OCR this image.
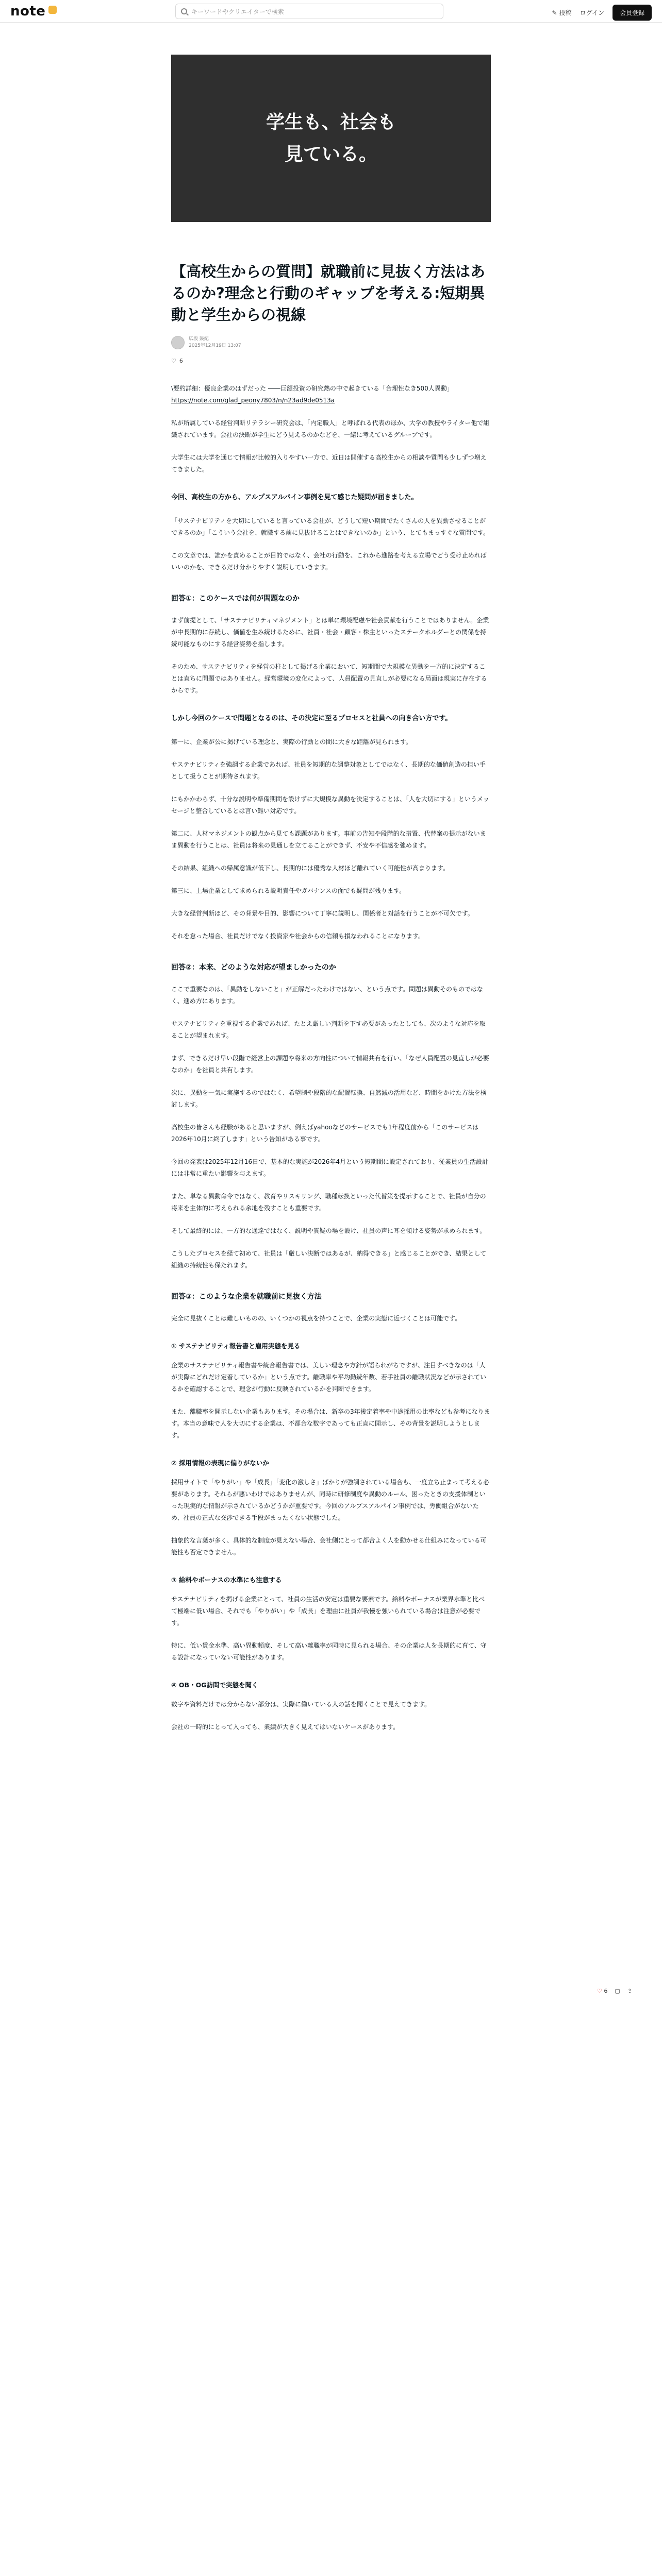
note	キーワードやクリエイターで検索	✎ 投稿 ログイン	会員登録
♡ 6 ▢ ⇪
学生も、社会も
見ている。
【高校生からの質問】就職前に見抜く方法はあるのか?理念と行動のギャップを考える:短期異動と学生からの視線
広坂 鼓紀
2025年12月19日 13:07
♡ 6

\要約詳細：優良企業のはずだった ――巨額投資の研究熱の中で起きている「合理性なき500人異動」
https://note.com/glad_peony7803/n/n23ad9de0513a

私が所属している経営判断リテラシー研究会は、「内定職人」と呼ばれる代表のほか、大学の教授やライター他で組織されています。会社の決断が学生にどう見えるのかなどを、一緒に考えているグループです。

大学生には大学を通じて情報が比較的入りやすい一方で、近日は開催する高校生からの相談や質問も少しずつ増えてきました。

今回、高校生の方から、アルプスアルパイン事例を見て感じた疑問が届きました。

「サステナビリティを大切にしていると言っている会社が、どうして短い期間でたくさんの人を異動させることができるのか」「こういう会社を、就職する前に見抜けることはできないのか」という、とてもまっすぐな質問です。

この文章では、誰かを責めることが目的ではなく、会社の行動を、これから進路を考える立場でどう受け止めればいいのかを、できるだけ分かりやすく説明していきます。

回答①：このケースでは何が問題なのか

まず前提として、「サステナビリティマネジメント」とは単に環境配慮や社会貢献を行うことではありません。企業が中長期的に存続し、価値を生み続けるために、社員・社会・顧客・株主といったステークホルダーとの関係を持続可能なものにする経営姿勢を指します。

そのため、サステナビリティを経営の柱として掲げる企業において、短期間で大規模な異動を一方的に決定することは直ちに問題ではありません。経営環境の変化によって、人員配置の見直しが必要になる局面は現実に存在するからです。

しかし今回のケースで問題となるのは、その決定に至るプロセスと社員への向き合い方です。

第一に、企業が公に掲げている理念と、実際の行動との間に大きな距離が見られます。

サステナビリティを強調する企業であれば、社員を短期的な調整対象としてではなく、長期的な価値創造の担い手として扱うことが期待されます。

にもかかわらず、十分な説明や準備期間を設けずに大規模な異動を決定することは、「人を大切にする」というメッセージと整合しているとは言い難い対応です。

第二に、人材マネジメントの観点から見ても課題があります。事前の告知や段階的な措置、代替案の提示がないまま異動を行うことは、社員は将来の見通しを立てることができず、不安や不信感を強めます。

その結果、組織への帰属意識が低下し、長期的には優秀な人材ほど離れていく可能性が高まります。

第三に、上場企業として求められる説明責任やガバナンスの面でも疑問が残ります。

大きな経営判断ほど、その背景や目的、影響について丁寧に説明し、関係者と対話を行うことが不可欠です。

それを怠った場合、社員だけでなく投資家や社会からの信頼も損なわれることになります。

回答②：本来、どのような対応が望ましかったのか

ここで重要なのは、「異動をしないこと」が正解だったわけではない、という点です。問題は異動そのものではなく、進め方にあります。

サステナビリティを重視する企業であれば、たとえ厳しい判断を下す必要があったとしても、次のような対応を取ることが望まれます。

まず、できるだけ早い段階で経営上の課題や将来の方向性について情報共有を行い、「なぜ人員配置の見直しが必要なのか」を社員と共有します。

次に、異動を一気に実施するのではなく、希望制や段階的な配置転換、自然減の活用など、時間をかけた方法を検討します。

高校生の皆さんも経験があると思いますが、例えばyahooなどのサービスでも1年程度前から「このサービスは2026年10月に終了します」という告知がある事です。

今回の発表は2025年12月16日で、基本的な実施が2026年4月という短期間に設定されており、従業員の生活設計には非常に重たい影響を与えます。

また、単なる異動命令ではなく、教育やリスキリング、職種転換といった代替策を提示することで、社員が自分の将来を主体的に考えられる余地を残すことも重要です。

そして最終的には、一方的な通達ではなく、説明や質疑の場を設け、社員の声に耳を傾ける姿勢が求められます。

こうしたプロセスを経て初めて、社員は「厳しい決断ではあるが、納得できる」と感じることができ、結果として組織の持続性も保たれます。

回答③：このような企業を就職前に見抜く方法

完全に見抜くことは難しいものの、いくつかの視点を持つことで、企業の実態に近づくことは可能です。

① サステナビリティ報告書と雇用実態を見る

企業のサステナビリティ報告書や統合報告書では、美しい理念や方針が語られがちですが、注目すべきなのは「人が実際にどれだけ定着しているか」という点です。離職率や平均勤続年数、若手社員の離職状況などが示されているかを確認することで、理念が行動に反映されているかを判断できます。

また、離職率を開示しない企業もあります。その場合は、新卒の3年後定着率や中途採用の比率なども参考になります。本当の意味で人を大切にする企業は、不都合な数字であっても正直に開示し、その背景を説明しようとします。

② 採用情報の表現に偏りがないか

採用サイトで「やりがい」や「成長」「変化の激しさ」ばかりが強調されている場合も、一度立ち止まって考える必要があります。それらが悪いわけではありませんが、同時に研修制度や異動のルール、困ったときの支援体制といった現実的な情報が示されているかどうかが重要です。今回のアルプスアルパイン事例では、労働組合がないため、社員の正式な交渉できる手段がまったくない状態でした。

抽象的な言葉が多く、具体的な制度が見えない場合、会社側にとって都合よく人を動かせる仕組みになっている可能性も否定できません。

③ 給料やボーナスの水準にも注意する

サステナビリティを掲げる企業にとって、社員の生活の安定は重要な要素です。給料やボーナスが業界水準と比べて極端に低い場合、それでも「やりがい」や「成長」を理由に社員が我慢を強いられている場合は注意が必要です。

特に、低い賃金水準、高い異動頻度、そして高い離職率が同時に見られる場合、その企業は人を長期的に育て、守る設計になっていない可能性があります。

④ OB・OG訪問で実態を聞く

数字や資料だけでは分からない部分は、実際に働いている人の話を聞くことで見えてきます。

会社の一時的にとって入っても、業績が大きく見えてはいないケースがあります。
